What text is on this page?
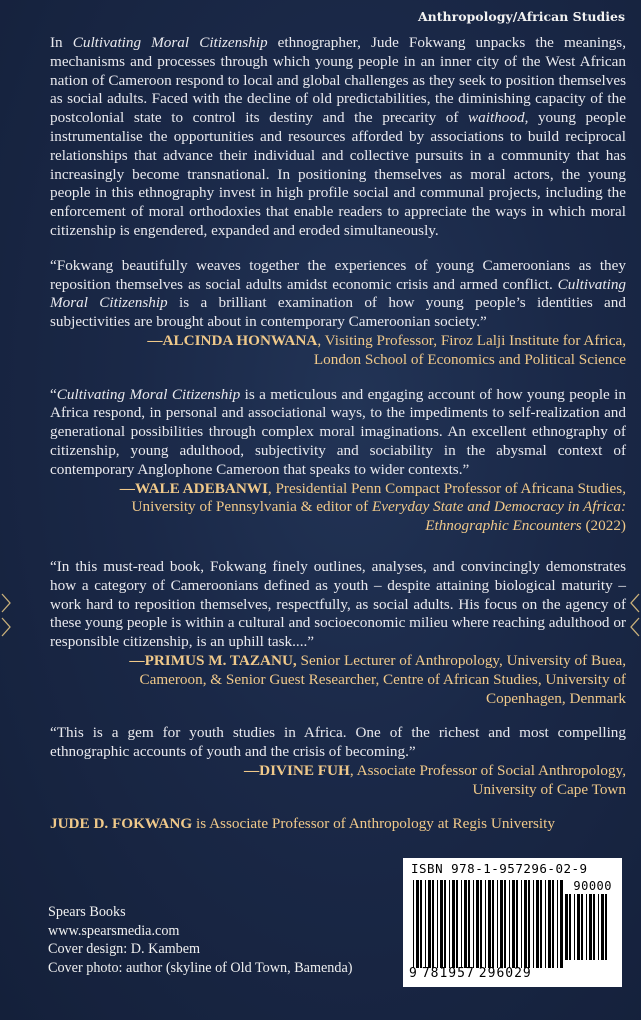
Anthropology/African Studies

In Cultivating Moral Citizenship ethnographer, Jude Fokwang unpacks the meanings, mechanisms and processes through which young people in an inner city of the West African nation of Cameroon respond to local and global challenges as they seek to position themselves as social adults. Faced with the decline of old predictabilities, the diminishing capacity of the postcolonial state to control its destiny and the precarity of waithood, young people instrumentalise the opportunities and resources afforded by associations to build reciprocal relationships that advance their individual and collective pursuits in a community that has increasingly become transnational. In positioning themselves as moral actors, the young people in this ethnography invest in high profile social and communal projects, including the enforcement of moral orthodoxies that enable readers to appreciate the ways in which moral citizenship is engendered, expanded and eroded simultaneously.

“Fokwang beautifully weaves together the experiences of young Cameroonians as they reposition themselves as social adults amidst economic crisis and armed conflict. Cultivating Moral Citizenship is a brilliant examination of how young people’s identities and subjectivities are brought about in contemporary Cameroonian society.”

—ALCINDA HONWANA, Visiting Professor, Firoz Lalji Institute for Africa,
London School of Economics and Political Science

“Cultivating Moral Citizenship is a meticulous and engaging account of how young people in Africa respond, in personal and associational ways, to the impediments to self-realization and generational possibilities through complex moral imaginations. An excellent ethnography of citizenship, young adulthood, subjectivity and sociability in the abysmal context of contemporary Anglophone Cameroon that speaks to wider contexts.”

—WALE ADEBANWI, Presidential Penn Compact Professor of Africana Studies, University of Pennsylvania & editor of Everyday State and Democracy in Africa: Ethnographic Encounters (2022)

“In this must-read book, Fokwang finely outlines, analyses, and convincingly demonstrates how a category of Cameroonians defined as youth – despite attaining biological maturity – work hard to reposition themselves, respectfully, as social adults. His focus on the agency of these young people is within a cultural and socioeconomic milieu where reaching adulthood or responsible citizenship, is an uphill task....”

—PRIMUS M. TAZANU, Senior Lecturer of Anthropology, University of Buea, Cameroon, & Senior Guest Researcher, Centre of African Studies, University of Copenhagen, Denmark

“This is a gem for youth studies in Africa. One of the richest and most compelling ethnographic accounts of youth and the crisis of becoming.”

—DIVINE FUH, Associate Professor of Social Anthropology,
University of Cape Town

JUDE D. FOKWANG is Associate Professor of Anthropology at Regis University
Spears Books
www.spearsmedia.com
Cover design: D. Kambem
Cover photo: author (skyline of Old Town, Bamenda)
ISBN 978-1-957296-02-9
90000
9 781957 296029
